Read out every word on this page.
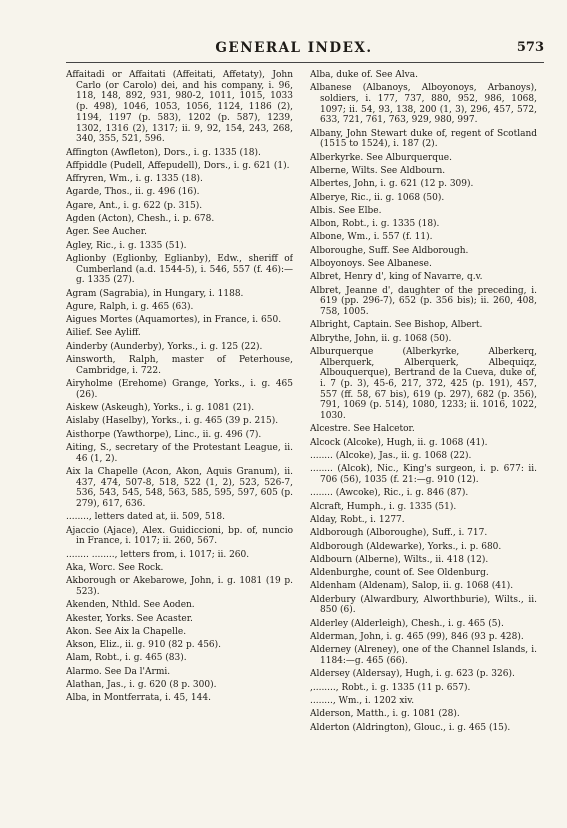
GENERAL INDEX.	573

Affaitadi or Affaitati (Affeitati, Affetaty), John Carlo (or Carolo) dei, and his company, i. 96, 118, 148, 892, 931, 980-2, 1011, 1015, 1033 (p. 498), 1046, 1053, 1056, 1124, 1186 (2), 1194, 1197 (p. 583), 1202 (p. 587), 1239, 1302, 1316 (2), 1317; ii. 9, 92, 154, 243, 268, 340, 355, 521, 596.

Affington (Awfleton), Dors., i. g. 1335 (18).

Affpiddle (Pudell, Affepudell), Dors., i. g. 621 (1).

Affryren, Wm., i. g. 1335 (18).

Agarde, Thos., ii. g. 496 (16).

Agare, Ant., i. g. 622 (p. 315).

Agden (Acton), Chesh., i. p. 678.

Ager. See Aucher.

Agley, Ric., i. g. 1335 (51).

Aglionby (Eglionby, Eglianby), Edw., sheriff of Cumberland (a.d. 1544-5), i. 546, 557 (f. 46):—g. 1335 (27).

Agram (Sagrabia), in Hungary, i. 1188.

Agure, Ralph, i. g. 465 (63).

Aigues Mortes (Aquamortes), in France, i. 650.

Ailief. See Ayliff.

Ainderby (Aunderby), Yorks., i. g. 125 (22).

Ainsworth, Ralph, master of Peterhouse, Cambridge, i. 722.

Airyholme (Erehome) Grange, Yorks., i. g. 465 (26).

Aiskew (Askeugh), Yorks., i. g. 1081 (21).

Aislaby (Haselby), Yorks., i. g. 465 (39 p. 215).

Aisthorpe (Yawthorpe), Linc., ii. g. 496 (7).

Aiting, S., secretary of the Protestant League, ii. 46 (1, 2).

Aix la Chapelle (Acon, Akon, Aquis Granum), ii. 437, 474, 507-8, 518, 522 (1, 2), 523, 526-7, 536, 543, 545, 548, 563, 585, 595, 597, 605 (p. 279), 617, 636.

........, letters dated at, ii. 509, 518.

Ajaccio (Ajace), Alex. Guidiccioni, bp. of, nuncio in France, i. 1017; ii. 260, 567.

........ ........, letters from, i. 1017; ii. 260.

Aka, Worc. See Rock.

Akborough or Akebarowe, John, i. g. 1081 (19 p. 523).

Akenden, Nthld. See Aoden.

Akester, Yorks. See Acaster.

Akon. See Aix la Chapelle.

Akson, Eliz., ii. g. 910 (82 p. 456).

Alam, Robt., i. g. 465 (83).

Alarmo. See Da l'Armi.

Alathan, Jas., i. g. 620 (8 p. 300).

Alba, in Montferrata, i. 45, 144.

Alba, duke of. See Alva.

Albanese (Albanoys, Alboyonoys, Arbanoys), soldiers, i. 177, 737, 880, 952, 986, 1068, 1097; ii. 54, 93, 138, 200 (1, 3), 296, 457, 572, 633, 721, 761, 763, 929, 980, 997.

Albany, John Stewart duke of, regent of Scotland (1515 to 1524), i. 187 (2).

Alberkyrke. See Alburquerque.

Alberne, Wilts. See Aldbourn.

Albertes, John, i. g. 621 (12 p. 309).

Alberye, Ric., ii. g. 1068 (50).

Albis. See Elbe.

Albon, Robt., i. g. 1335 (18).

Albone, Wm., i. 557 (f. 11).

Alboroughe, Suff. See Aldborough.

Alboyonoys. See Albanese.

Albret, Henry d', king of Navarre, q.v.

Albret, Jeanne d', daughter of the preceding, i. 619 (pp. 296-7), 652 (p. 356 bis); ii. 260, 408, 758, 1005.

Albright, Captain. See Bishop, Albert.

Albrythe, John, ii. g. 1068 (50).

Alburquerque (Alberkyrke, Alberkerq, Alberquerk, Alberquerk, Albequiqz, Albouquerque), Bertrand de la Cueva, duke of, i. 7 (p. 3), 45-6, 217, 372, 425 (p. 191), 457, 557 (ff. 58, 67 bis), 619 (p. 297), 682 (p. 356), 791, 1069 (p. 514), 1080, 1233; ii. 1016, 1022, 1030.

Alcestre. See Halcetor.

Alcock (Alcoke), Hugh, ii. g. 1068 (41).

........ (Alcoke), Jas., ii. g. 1068 (22).

........ (Alcok), Nic., King's surgeon, i. p. 677: ii. 706 (56), 1035 (f. 21:—g. 910 (12).

........ (Awcoke), Ric., i. g. 846 (87).

Alcraft, Humph., i. g. 1335 (51).

Alday, Robt., i. 1277.

Aldborough (Alboroughe), Suff., i. 717.

Aldborough (Aldewarke), Yorks., i. p. 680.

Aldbourn (Alberne), Wilts., ii. 418 (12).

Aldenburghe, count of. See Oldenburg.

Aldenham (Aldenam), Salop, ii. g. 1068 (41).

Alderbury (Alwardbury, Alworthburie), Wilts., ii. 850 (6).

Alderley (Alderleigh), Chesh., i. g. 465 (5).

Alderman, John, i. g. 465 (99), 846 (93 p. 428).

Alderney (Alreney), one of the Channel Islands, i. 1184:—g. 465 (66).

Aldersey (Aldersay), Hugh, i. g. 623 (p. 326).

,........, Robt., i. g. 1335 (11 p. 657).

........, Wm., i. 1202 xiv.

Alderson, Matth., i. g. 1081 (28).

Alderton (Aldrington), Glouc., i. g. 465 (15).
